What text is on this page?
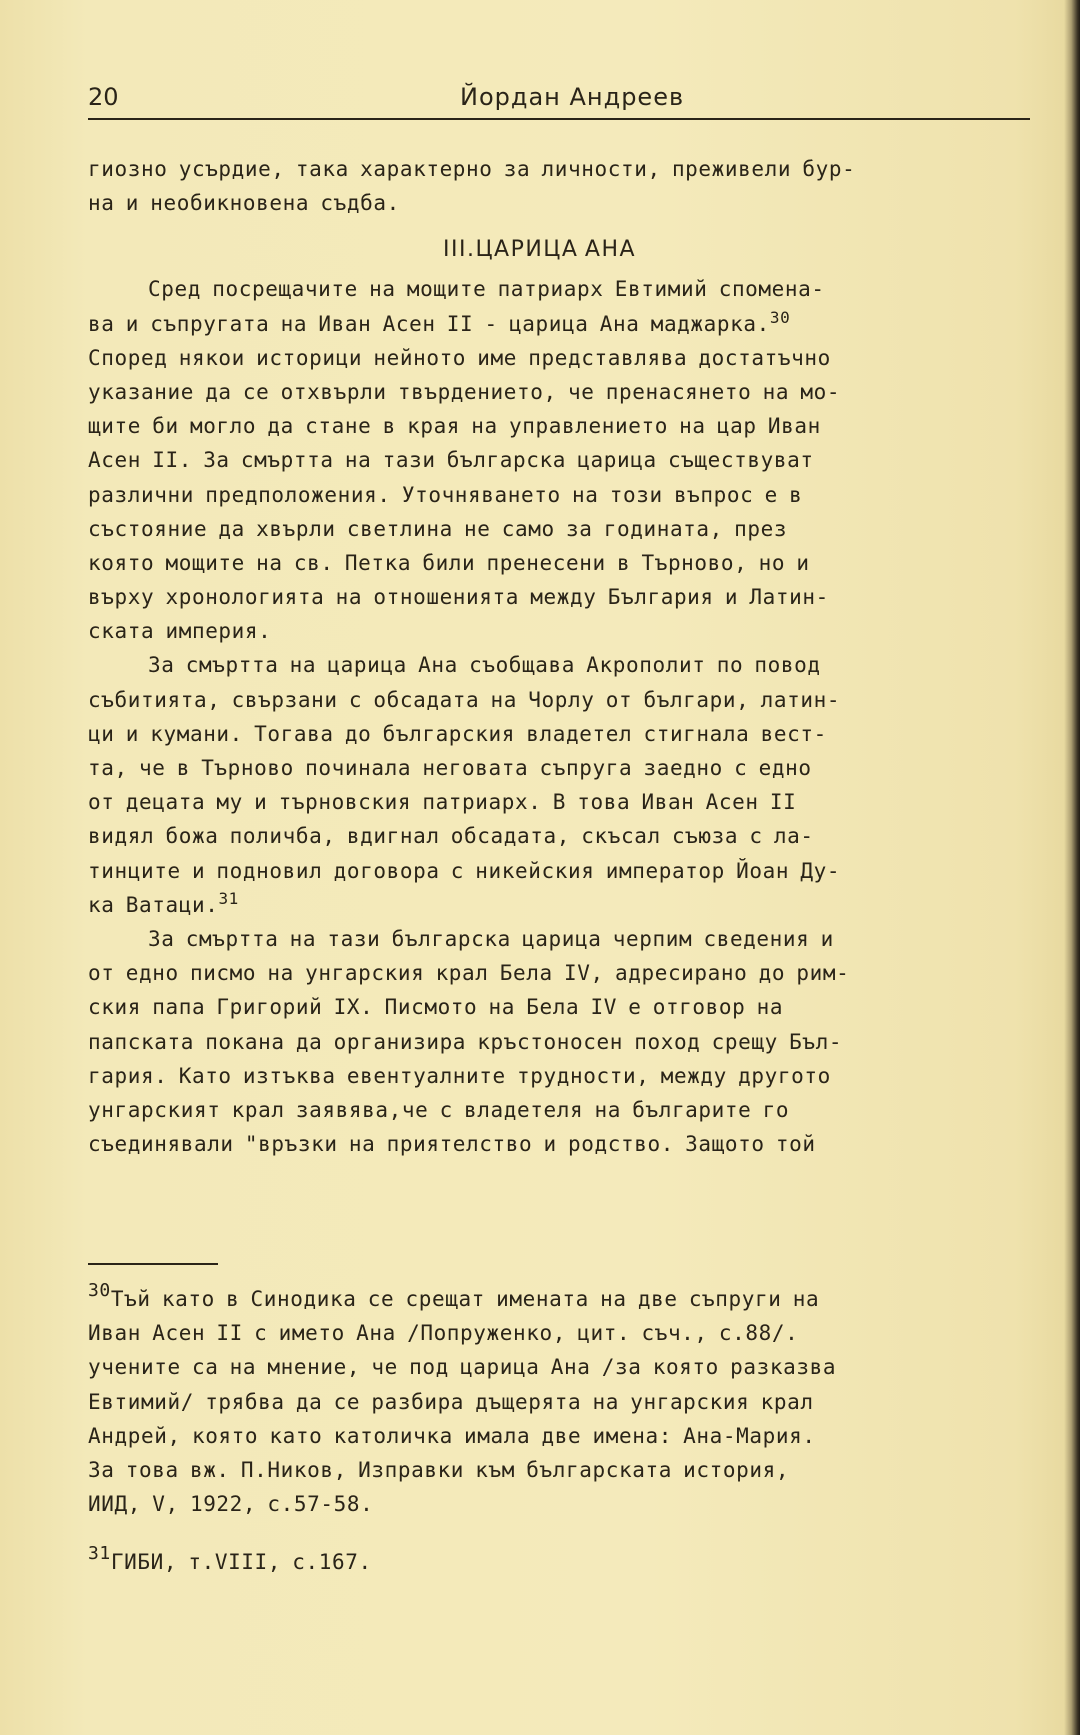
20	Йордан Андреев
гиозно усърдие, така характерно за личности, преживели бур-
на и необикновена съдба.
III.ЦАРИЦА АНА
Сред посрещачите на мощите патриарх Евтимий спомена-
ва и съпругата на Иван Асен II - царица Ана маджарка.$^{30}$
Според някои историци нейното име представлява достатъчно
указание да се отхвърли твърдението, че пренасянето на мо-
щите би могло да стане в края на управлението на цар Иван
Асен II. За смъртта на тази българска царица съществуват
различни предположения. Уточняването на този въпрос е в
състояние да хвърли светлина не само за годината, през
която мощите на св. Петка били пренесени в Търново, но и
върху хронологията на отношенията между България и Латин-
ската империя.
За смъртта на царица Ана съобщава Акрополит по повод
събитията, свързани с обсадата на Чорлу от българи, латин-
ци и кумани. Тогава до българския владетел стигнала вест-
та, че в Търново починала неговата съпруга заедно с едно
от децата му и търновския патриарх. В това Иван Асен II
видял божа поличба, вдигнал обсадата, скъсал съюза с ла-
тинците и подновил договора с никейския император Йоан Ду-
ка Ватаци.$^{31}$
За смъртта на тази българска царица черпим сведения и
от едно писмо на унгарския крал Бела IV, адресирано до рим-
ския папа Григорий IX. Писмото на Бела IV е отговор на
папската покана да организира кръстоносен поход срещу Бъл-
гария. Като изтъква евентуалните трудности, между другото
унгарският крал заявява,че с владетеля на българите го
съединявали "връзки на приятелство и родство. Защото той
30Тъй като в Синодика се срещат имената на две съпруги на
Иван Асен II с името Ана /Попруженко, цит. съч., с.88/.
учените са на мнение, че под царица Ана /за която разказва
Евтимий/ трябва да се разбира дъщерята на унгарския крал
Андрей, която като католичка имала две имена: Ана-Мария.
За това вж. П.Ников, Изправки към българската история,
ИИД, V, 1922, с.57-58.
31ГИБИ, т.VIII, с.167.
